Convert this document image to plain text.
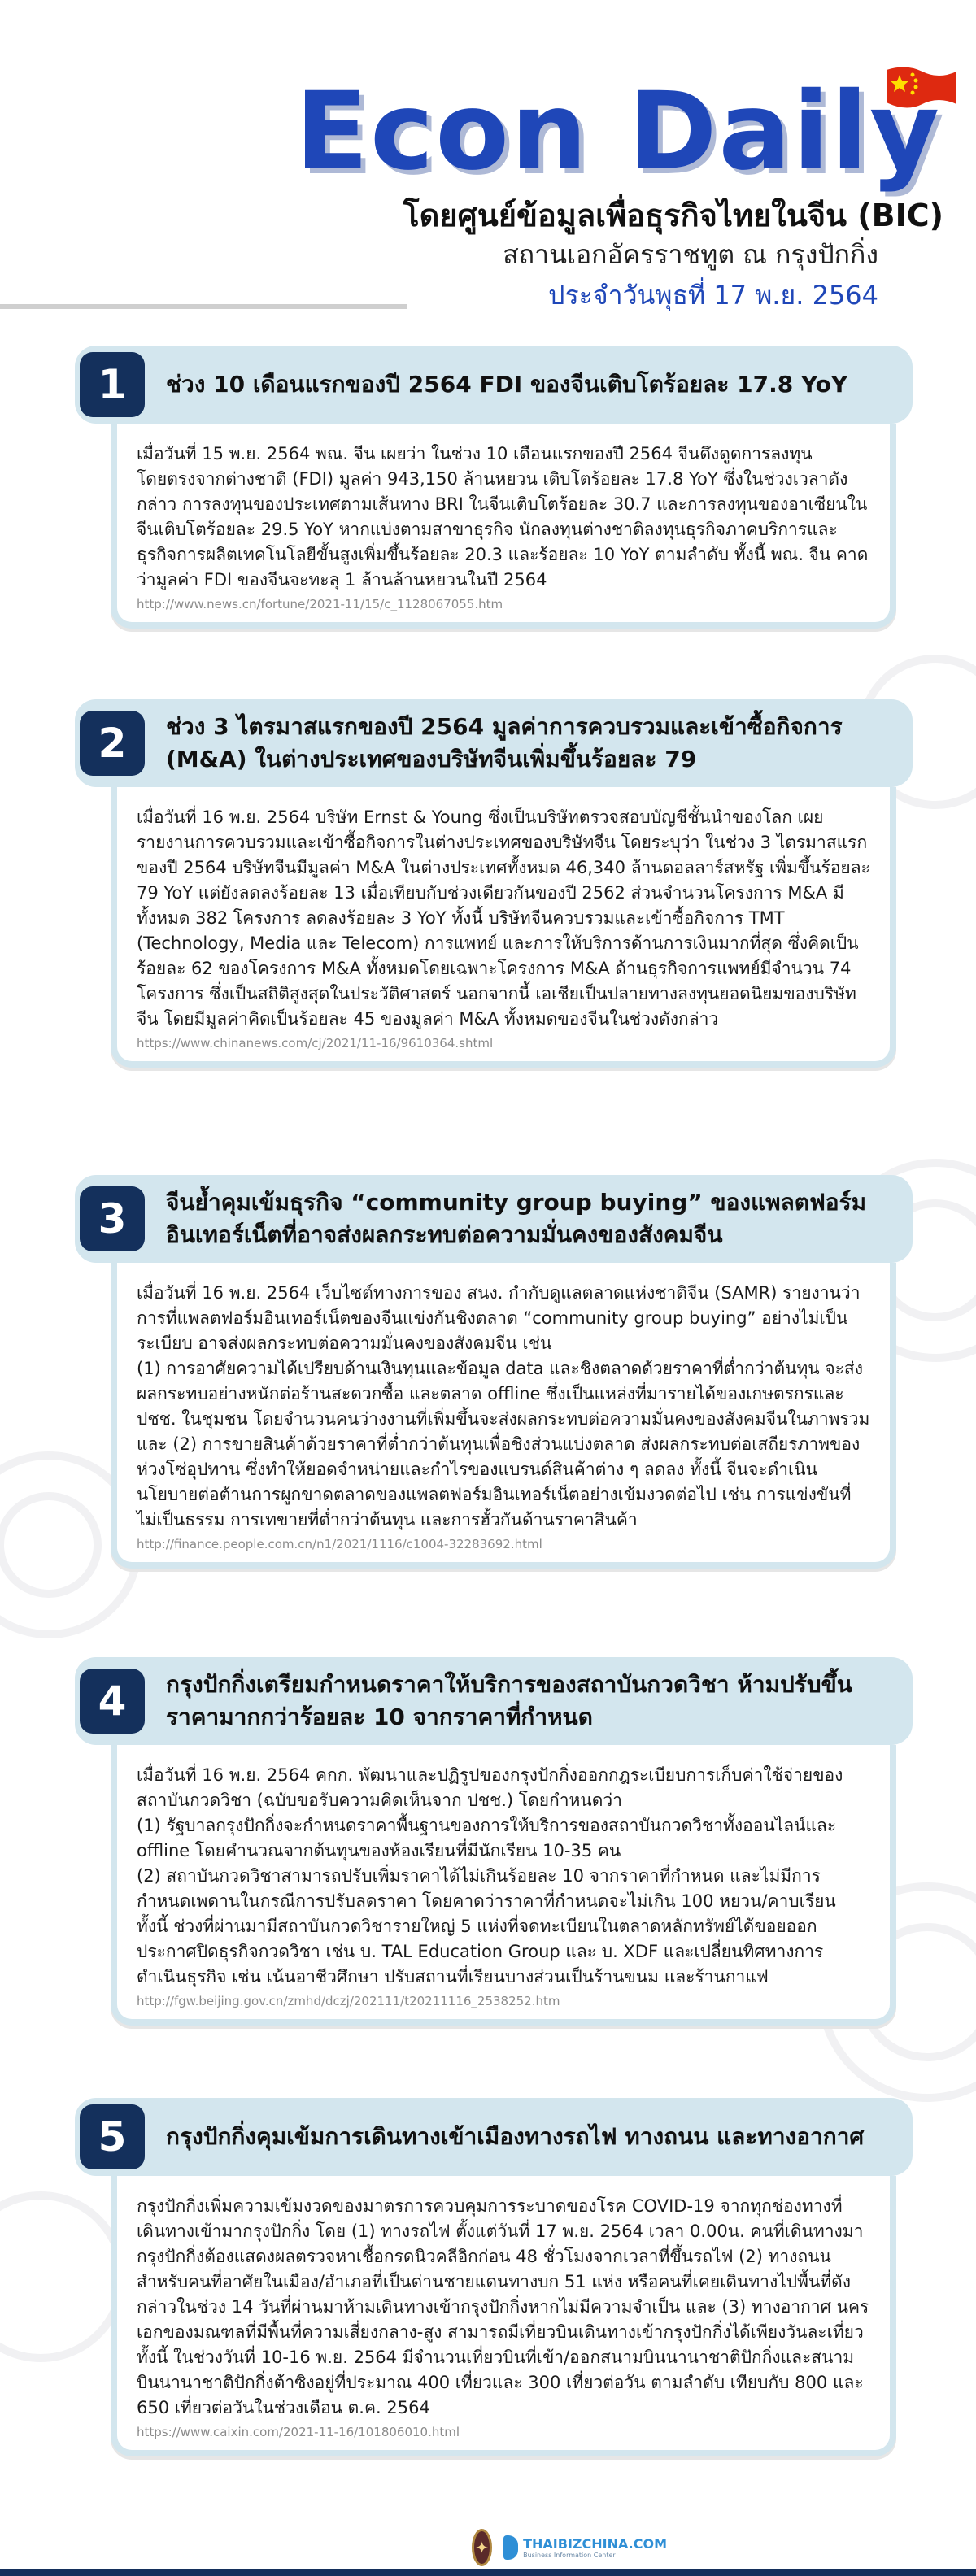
Econ Daily
โดยศูนย์ข้อมูลเพื่อธุรกิจไทยในจีน (BIC)
สถานเอกอัครราชทูต ณ กรุงปักกิ่ง
ประจำวันพุธที่ 17 พ.ย. 2564
1	ช่วง 10 เดือนแรกของปี 2564 FDI ของจีนเติบโตร้อยละ 17.8 YoY

เมื่อวันที่ 15 พ.ย. 2564 พณ. จีน เผยว่า ในช่วง 10 เดือนแรกของปี 2564 จีนดึงดูดการลงทุนโดยตรงจากต่างชาติ (FDI) มูลค่า 943,150 ล้านหยวน เติบโตร้อยละ 17.8 YoY ซึ่งในช่วงเวลาดังกล่าว การลงทุนของประเทศตามเส้นทาง BRI ในจีนเติบโตร้อยละ 30.7 และการลงทุนของอาเซียนในจีนเติบโตร้อยละ 29.5 YoY หากแบ่งตามสาขาธุรกิจ นักลงทุนต่างชาติลงทุนธุรกิจภาคบริการและธุรกิจการผลิตเทคโนโลยีขั้นสูงเพิ่มขึ้นร้อยละ 20.3 และร้อยละ 10 YoY ตามลำดับ ทั้งนี้ พณ. จีน คาดว่ามูลค่า FDI ของจีนจะทะลุ 1 ล้านล้านหยวนในปี 2564

http://www.news.cn/fortune/2021-11/15/c_1128067055.htm
2	ช่วง 3 ไตรมาสแรกของปี 2564 มูลค่าการควบรวมและเข้าซื้อกิจการ (M&A) ในต่างประเทศของบริษัทจีนเพิ่มขึ้นร้อยละ 79

เมื่อวันที่ 16 พ.ย. 2564 บริษัท Ernst & Young ซึ่งเป็นบริษัทตรวจสอบบัญชีชั้นนำของโลก เผยรายงานการควบรวมและเข้าซื้อกิจการในต่างประเทศของบริษัทจีน โดยระบุว่า ในช่วง 3 ไตรมาสแรกของปี 2564 บริษัทจีนมีมูลค่า M&A ในต่างประเทศทั้งหมด 46,340 ล้านดอลลาร์สหรัฐ เพิ่มขึ้นร้อยละ 79 YoY แต่ยังลดลงร้อยละ 13 เมื่อเทียบกับช่วงเดียวกันของปี 2562 ส่วนจำนวนโครงการ M&A มีทั้งหมด 382 โครงการ ลดลงร้อยละ 3 YoY ทั้งนี้ บริษัทจีนควบรวมและเข้าซื้อกิจการ TMT (Technology, Media และ Telecom) การแพทย์ และการให้บริการด้านการเงินมากที่สุด ซึ่งคิดเป็นร้อยละ 62 ของโครงการ M&A ทั้งหมดโดยเฉพาะโครงการ M&A ด้านธุรกิจการแพทย์มีจำนวน 74 โครงการ ซึ่งเป็นสถิติสูงสุดในประวัติศาสตร์ นอกจากนี้ เอเชียเป็นปลายทางลงทุนยอดนิยมของบริษัทจีน โดยมีมูลค่าคิดเป็นร้อยละ 45 ของมูลค่า M&A ทั้งหมดของจีนในช่วงดังกล่าว

https://www.chinanews.com/cj/2021/11-16/9610364.shtml
3	จีนย้ำคุมเข้มธุรกิจ “community group buying” ของแพลตฟอร์มอินเทอร์เน็ตที่อาจส่งผลกระทบต่อความมั่นคงของสังคมจีน

เมื่อวันที่ 16 พ.ย. 2564 เว็บไซต์ทางการของ สนง. กำกับดูแลตลาดแห่งชาติจีน (SAMR) รายงานว่า การที่แพลตฟอร์มอินเทอร์เน็ตของจีนแข่งกันชิงตลาด “community group buying” อย่างไม่เป็นระเบียบ อาจส่งผลกระทบต่อความมั่นคงของสังคมจีน เช่น

(1) การอาศัยความได้เปรียบด้านเงินทุนและข้อมูล data และชิงตลาดด้วยราคาที่ต่ำกว่าต้นทุน จะส่งผลกระทบอย่างหนักต่อร้านสะดวกซื้อ และตลาด offline ซึ่งเป็นแหล่งที่มารายได้ของเกษตรกรและ ปชช. ในชุมชน โดยจำนวนคนว่างงานที่เพิ่มขึ้นจะส่งผลกระทบต่อความมั่นคงของสังคมจีนในภาพรวม และ (2) การขายสินค้าด้วยราคาที่ต่ำกว่าต้นทุนเพื่อชิงส่วนแบ่งตลาด ส่งผลกระทบต่อเสถียรภาพของห่วงโซ่อุปทาน ซึ่งทำให้ยอดจำหน่ายและกำไรของแบรนด์สินค้าต่าง ๆ ลดลง ทั้งนี้ จีนจะดำเนินนโยบายต่อต้านการผูกขาดตลาดของแพลตฟอร์มอินเทอร์เน็ตอย่างเข้มงวดต่อไป เช่น การแข่งขันที่ไม่เป็นธรรม การเทขายที่ต่ำกว่าต้นทุน และการฮั้วกันด้านราคาสินค้า

http://finance.people.com.cn/n1/2021/1116/c1004-32283692.html
4	กรุงปักกิ่งเตรียมกำหนดราคาให้บริการของสถาบันกวดวิชา ห้ามปรับขึ้นราคามากกว่าร้อยละ 10 จากราคาที่กำหนด

เมื่อวันที่ 16 พ.ย. 2564 คกก. พัฒนาและปฏิรูปของกรุงปักกิ่งออกกฎระเบียบการเก็บค่าใช้จ่ายของสถาบันกวดวิชา (ฉบับขอรับความคิดเห็นจาก ปชช.) โดยกำหนดว่า

(1) รัฐบาลกรุงปักกิ่งจะกำหนดราคาพื้นฐานของการให้บริการของสถาบันกวดวิชาทั้งออนไลน์และ offline โดยคำนวณจากต้นทุนของห้องเรียนที่มีนักเรียน 10-35 คน

(2) สถาบันกวดวิชาสามารถปรับเพิ่มราคาได้ไม่เกินร้อยละ 10 จากราคาที่กำหนด และไม่มีการกำหนดเพดานในกรณีการปรับลดราคา โดยคาดว่าราคาที่กำหนดจะไม่เกิน 100 หยวน/คาบเรียน ทั้งนี้ ช่วงที่ผ่านมามีสถาบันกวดวิชารายใหญ่ 5 แห่งที่จดทะเบียนในตลาดหลักทรัพย์ได้ขอยออกประกาศปิดธุรกิจกวดวิชา เช่น บ. TAL Education Group และ บ. XDF และเปลี่ยนทิศทางการดำเนินธุรกิจ เช่น เน้นอาชีวศึกษา ปรับสถานที่เรียนบางส่วนเป็นร้านขนม และร้านกาแฟ

http://fgw.beijing.gov.cn/zmhd/dczj/202111/t20211116_2538252.htm
5	กรุงปักกิ่งคุมเข้มการเดินทางเข้าเมืองทางรถไฟ ทางถนน และทางอากาศ

กรุงปักกิ่งเพิ่มความเข้มงวดของมาตรการควบคุมการระบาดของโรค COVID-19 จากทุกช่องทางที่เดินทางเข้ามากรุงปักกิ่ง โดย (1) ทางรถไฟ ตั้งแต่วันที่ 17 พ.ย. 2564 เวลา 0.00น. คนที่เดินทางมากรุงปักกิ่งต้องแสดงผลตรวจหาเชื้อกรดนิวคลีอิกก่อน 48 ชั่วโมงจากเวลาที่ขึ้นรถไฟ (2) ทางถนน สำหรับคนที่อาศัยในเมือง/อำเภอที่เป็นด่านชายแดนทางบก 51 แห่ง หรือคนที่เคยเดินทางไปพื้นที่ดังกล่าวในช่วง 14 วันที่ผ่านมาห้ามเดินทางเข้ากรุงปักกิ่งหากไม่มีความจำเป็น และ (3) ทางอากาศ นครเอกของมณฑลที่มีพื้นที่ความเสี่ยงกลาง-สูง สามารถมีเที่ยวบินเดินทางเข้ากรุงปักกิ่งได้เพียงวันละเที่ยว ทั้งนี้ ในช่วงวันที่ 10-16 พ.ย. 2564 มีจำนวนเที่ยวบินที่เข้า/ออกสนามบินนานาชาติปักกิ่งและสนามบินนานาชาติปักกิ่งต้าซิงอยู่ที่ประมาณ 400 เที่ยวและ 300 เที่ยวต่อวัน ตามลำดับ เทียบกับ 800 และ 650 เที่ยวต่อวันในช่วงเดือน ต.ค. 2564

https://www.caixin.com/2021-11-16/101806010.html
✦	THAIBIZCHINA.COM
Business Information Center
